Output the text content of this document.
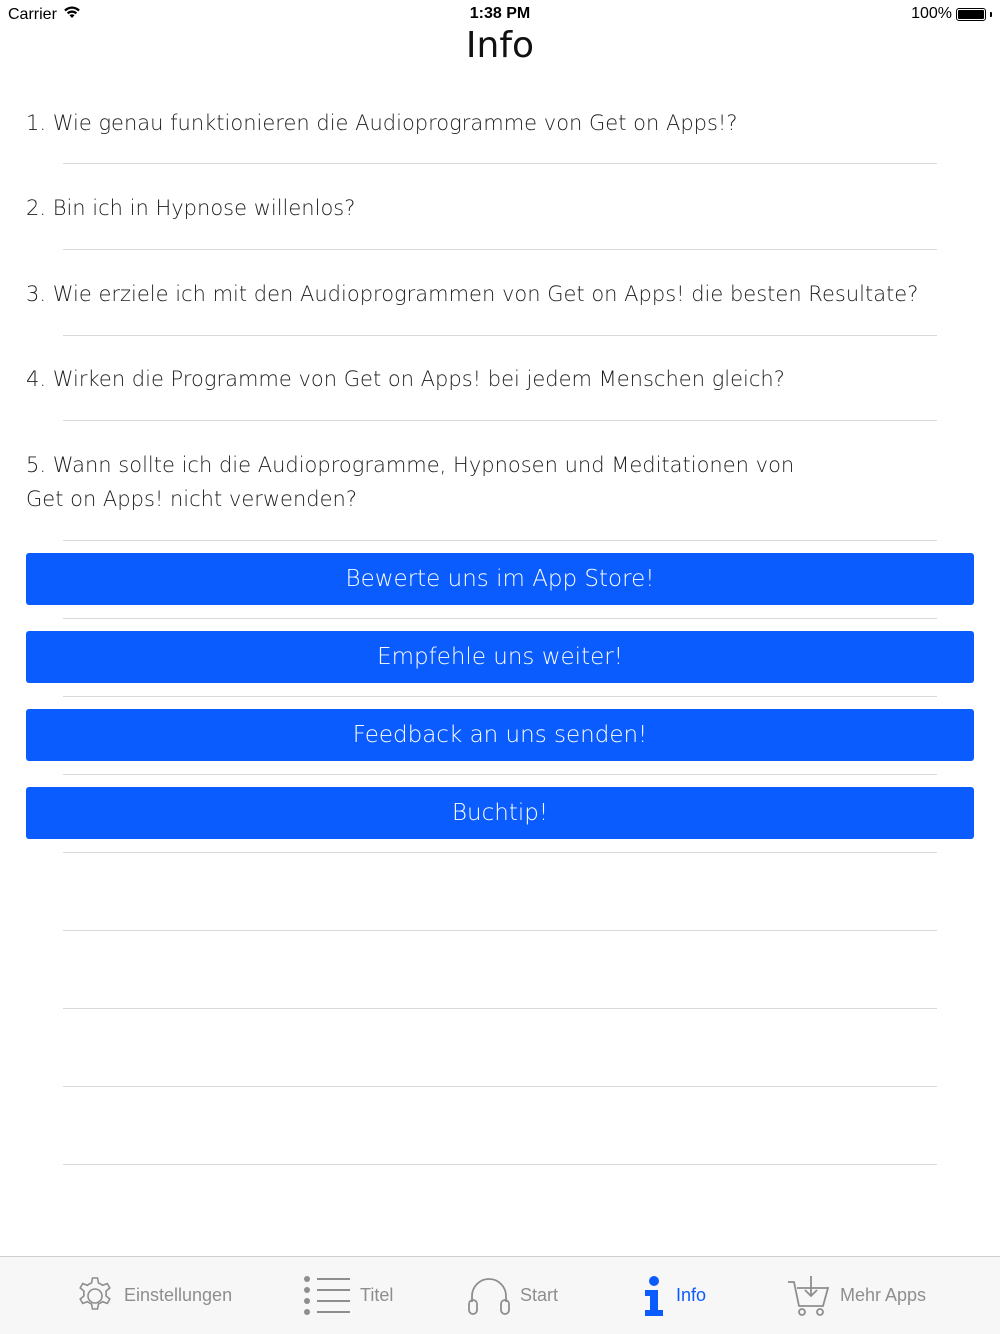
Carrier	1:38 PM	100%
Info
1. Wie genau funktionieren die Audioprogramme von Get on Apps!?
2. Bin ich in Hypnose willenlos?
3. Wie erziele ich mit den Audioprogrammen von Get on Apps! die besten Resultate?
4. Wirken die Programme von Get on Apps! bei jedem Menschen gleich?
5. Wann sollte ich die Audioprogramme, Hypnosen und Meditationen von Get on Apps! nicht verwenden?
Bewerte uns im App Store!
Empfehle uns weiter!
Feedback an uns senden!
Buchtip!
Einstellungen	Titel	Start	Info	Mehr Apps
